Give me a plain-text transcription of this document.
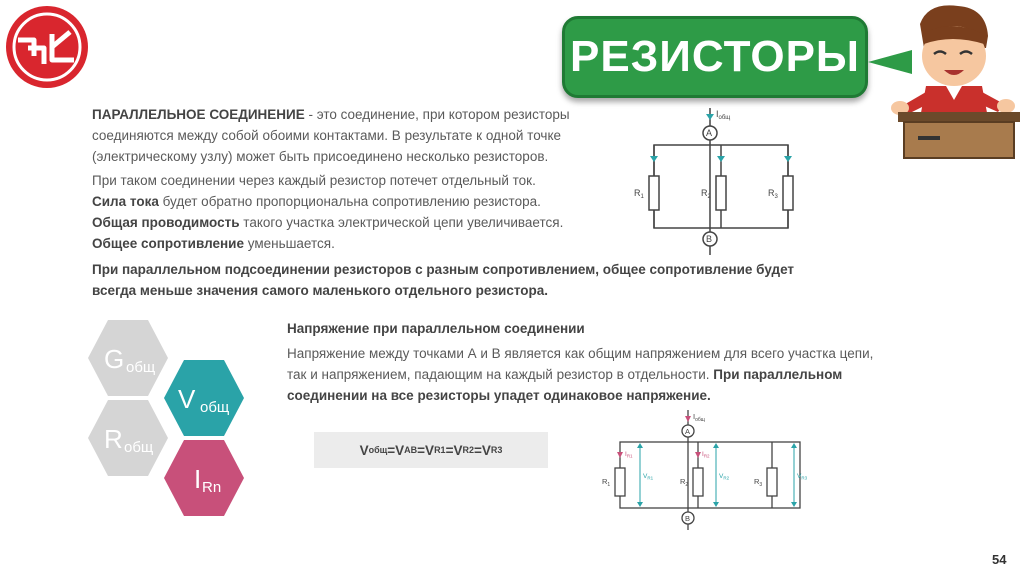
РЕЗИСТОРЫ
ПАРАЛЛЕЛЬНОЕ СОЕДИНЕНИЕ - это соединение, при котором резисторы соединяются между собой обоими контактами. В результате к одной точке (электрическому узлу) может быть присоединено несколько резисторов.
При таком соединении через каждый резистор потечет отдельный ток.
Сила тока будет обратно пропорциональна сопротивлению резистора.
Общая проводимость такого участка электрической цепи увеличивается.
Общее сопротивление уменьшается.
При параллельном подсоединении резисторов с разным сопротивлением, общее сопротивление будет всегда меньше значения самого маленького отдельного резистора.
A
B
$I_{общ}$
$R_1$	$R_2$	$R_3$
G общ
V общ
R общ
I Rn
Напряжение при параллельном соединении
Напряжение между точками А и В является как общим напряжением для всего участка цепи, так и напряжением, падающим на каждый резистор в отдельности. При параллельном соединении на все резисторы упадет одинаковое напряжение.
V общ = V AB = V R1 = V R2 = V R3
A
B
$I_{общ}$
$R_1$	$R_2$	$R_3$
$I_{R1}$	$I_{R2}$
$V_{R1}$	$V_{R2}$	$V_{R3}$
54
